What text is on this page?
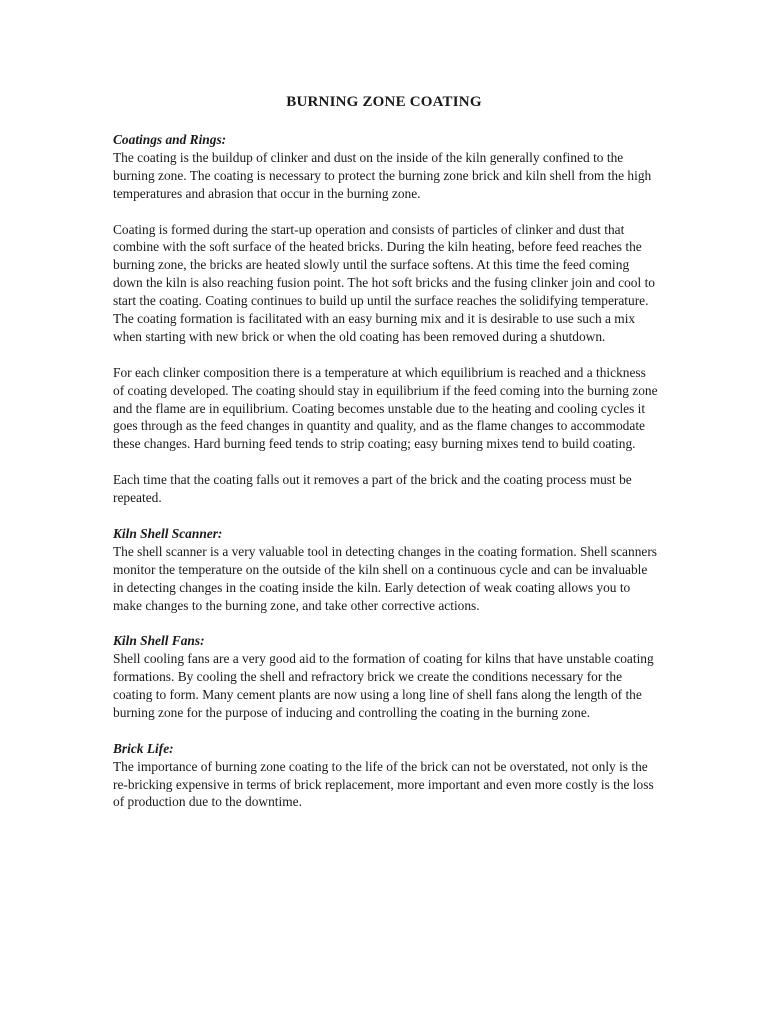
BURNING ZONE COATING

Coatings and Rings:

The coating is the buildup of clinker and dust on the inside of the kiln generally confined to the burning zone. The coating is necessary to protect the burning zone brick and kiln shell from the high temperatures and abrasion that occur in the burning zone.

Coating is formed during the start-up operation and consists of particles of clinker and dust that combine with the soft surface of the heated bricks. During the kiln heating, before feed reaches the burning zone, the bricks are heated slowly until the surface softens. At this time the feed coming down the kiln is also reaching fusion point. The hot soft bricks and the fusing clinker join and cool to start the coating. Coating continues to build up until the surface reaches the solidifying temperature. The coating formation is facilitated with an easy burning mix and it is desirable to use such a mix when starting with new brick or when the old coating has been removed during a shutdown.

For each clinker composition there is a temperature at which equilibrium is reached and a thickness of coating developed. The coating should stay in equilibrium if the feed coming into the burning zone and the flame are in equilibrium. Coating becomes unstable due to the heating and cooling cycles it goes through as the feed changes in quantity and quality, and as the flame changes to accommodate these changes. Hard burning feed tends to strip coating; easy burning mixes tend to build coating.

Each time that the coating falls out it removes a part of the brick and the coating process must be repeated.

Kiln Shell Scanner:

The shell scanner is a very valuable tool in detecting changes in the coating formation. Shell scanners monitor the temperature on the outside of the kiln shell on a continuous cycle and can be invaluable in detecting changes in the coating inside the kiln. Early detection of weak coating allows you to make changes to the burning zone, and take other corrective actions.

Kiln Shell Fans:

Shell cooling fans are a very good aid to the formation of coating for kilns that have unstable coating formations. By cooling the shell and refractory brick we create the conditions necessary for the coating to form. Many cement plants are now using a long line of shell fans along the length of the burning zone for the purpose of inducing and controlling the coating in the burning zone.

Brick Life:

The importance of burning zone coating to the life of the brick can not be overstated, not only is the re-bricking expensive in terms of brick replacement, more important and even more costly is the loss of production due to the downtime.
